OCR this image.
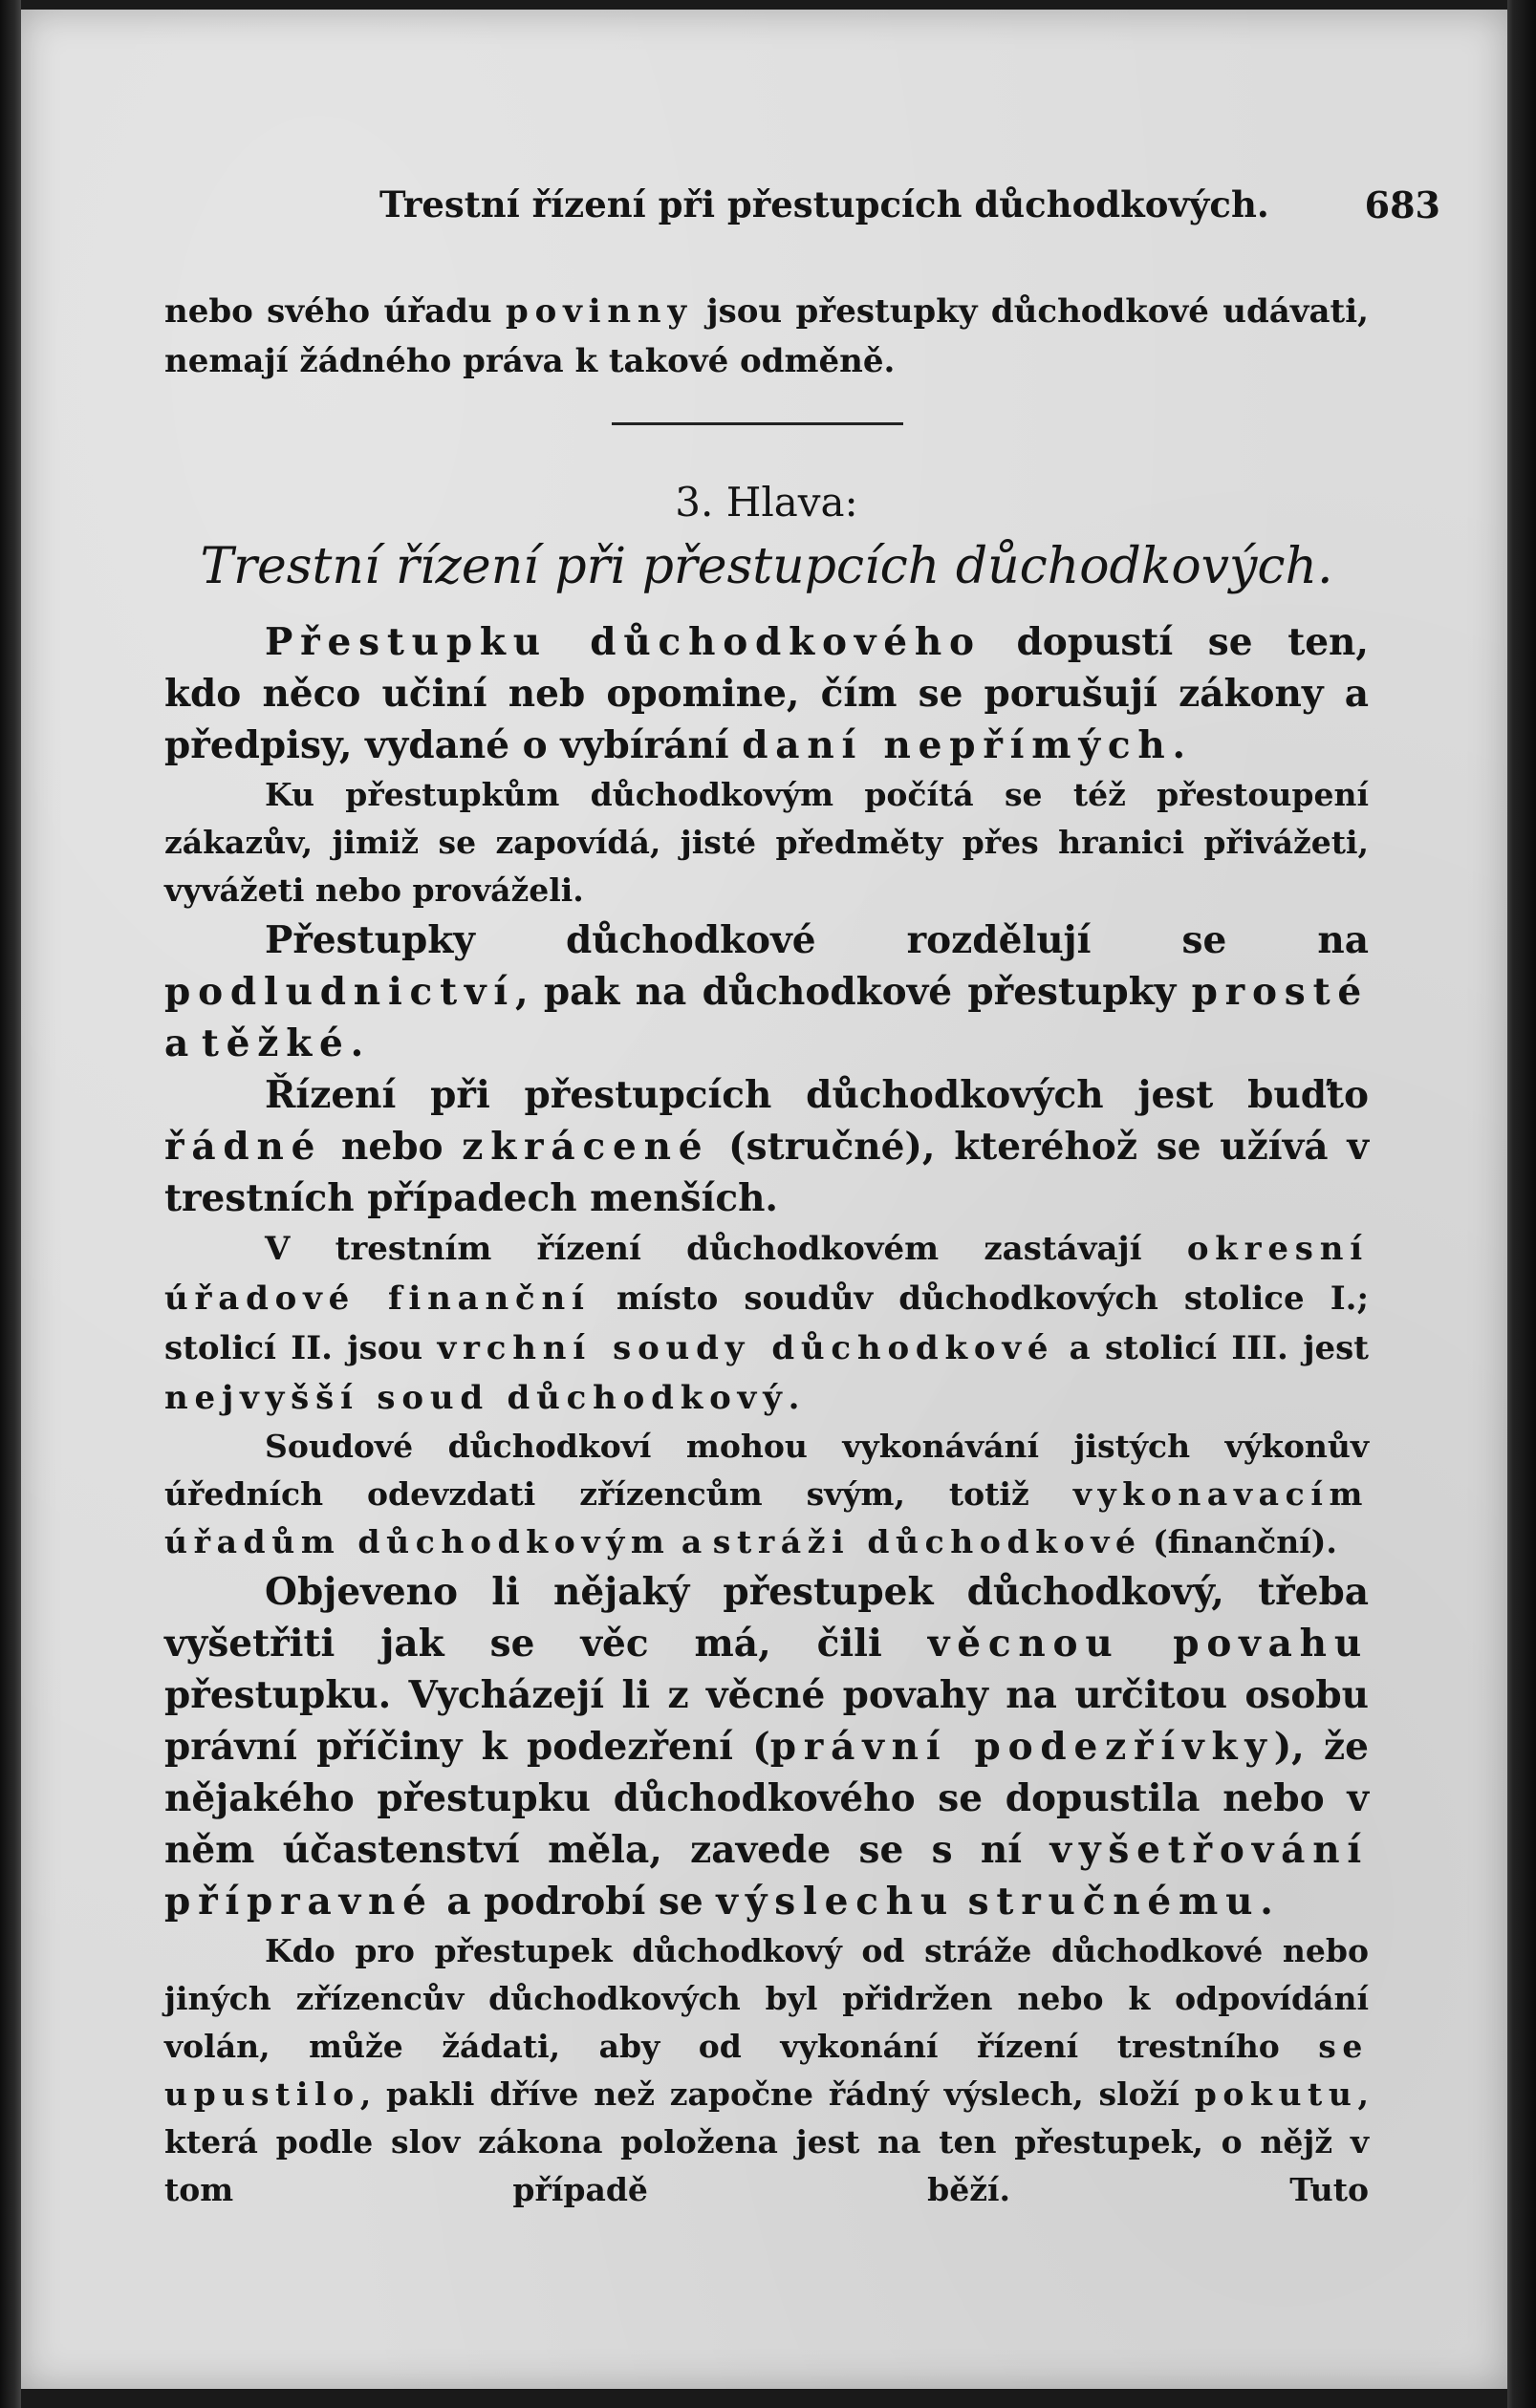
Trestní řízení při přestupcích důchodkových.	683

nebo svého úřadu povinny jsou přestupky důchodkové udávati, nemají žádného práva k takové odměně.

3. Hlava:
Trestní řízení při přestupcích důchodkových.

Přestupku důchodkového dopustí se ten, kdo něco učiní neb opomine, čím se porušují zákony a předpisy, vydané o vybírání daní nepřímých.

Ku přestupkům důchodkovým počítá se též přestoupení zákazův, jimiž se zapovídá, jisté předměty přes hranici přivážeti, vyvážeti nebo prováželi.

Přestupky důchodkové rozdělují se na podludnictví, pak na důchodkové přestupky prosté a těžké.

Řízení při přestupcích důchodkových jest buďto řádné nebo zkrácené (stručné), kteréhož se užívá v trestních případech menších.

V trestním řízení důchodkovém zastávají okresní úřadové finanční místo soudův důchodkových stolice I.; stolicí II. jsou vrchní soudy důchodkové a stolicí III. jest nejvyšší soud důchodkový.

Soudové důchodkoví mohou vykonávání jistých výkonův úředních odevzdati zřízencům svým, totiž vykonavacím úřadům důchodkovým a stráži důchodkové (finanční).

Objeveno li nějaký přestupek důchodkový, třeba vyšetřiti jak se věc má, čili věcnou povahu přestupku. Vycházejí li z věcné povahy na určitou osobu právní příčiny k podezření (právní podezřívky), že nějakého přestupku důchodkového se dopustila nebo v něm účastenství měla, zavede se s ní vyšetřování přípravné a podrobí se výslechu stručnému.

Kdo pro přestupek důchodkový od stráže důchodkové nebo jiných zřízencův důchodkových byl přidržen nebo k odpovídání volán, může žádati, aby od vykonání řízení trestního se upustilo, pakli dříve než započne řádný výslech, složí pokutu, která podle slov zákona položena jest na ten přestupek, o nějž v tom případě běží. Tuto
